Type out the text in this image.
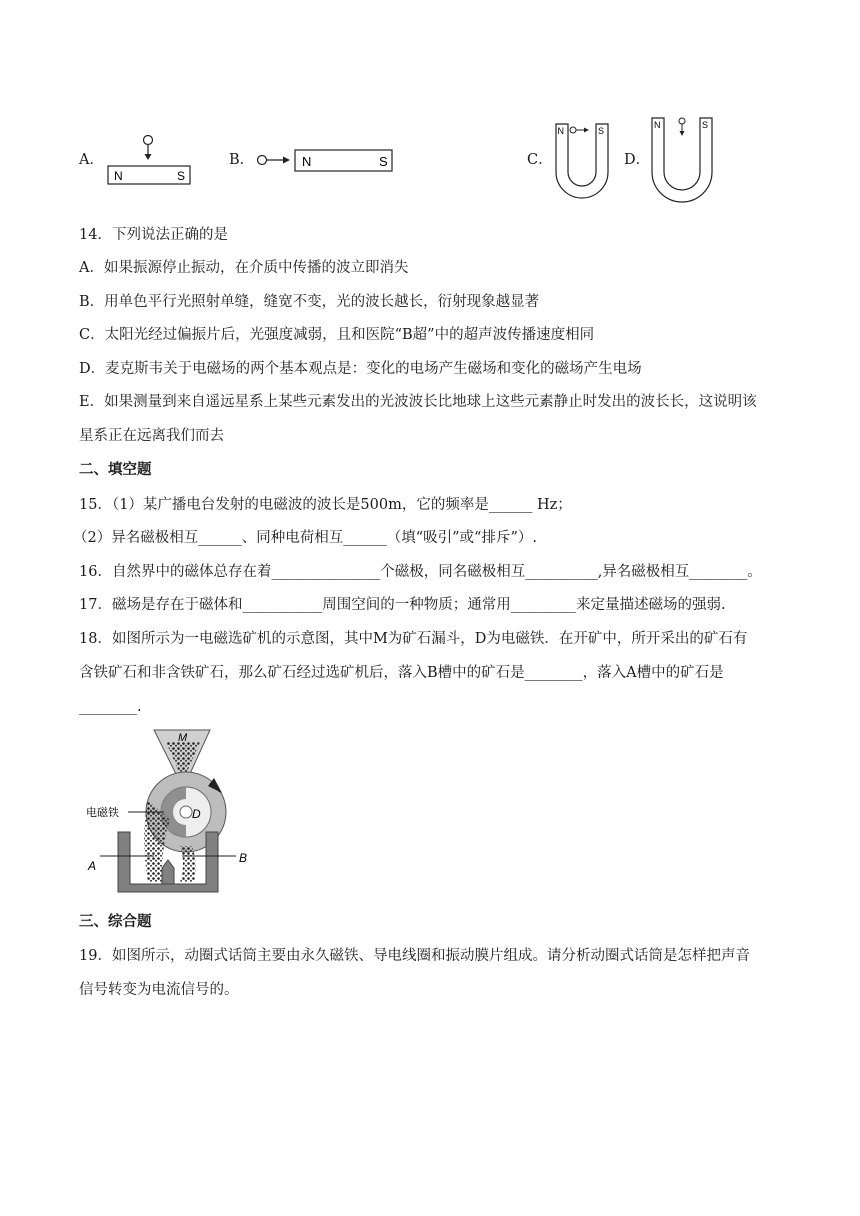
A．
N	S
B．	N	S	C．
N	S
D．
N	S
14．下列说法正确的是
A．如果振源停止振动，在介质中传播的波立即消失
B．用单色平行光照射单缝，缝宽不变，光的波长越长，衍射现象越显著
C．太阳光经过偏振片后，光强度减弱，且和医院“B超”中的超声波传播速度相同
D．麦克斯韦关于电磁场的两个基本观点是：变化的电场产生磁场和变化的磁场产生电场
E．如果测量到来自遥远星系上某些元素发出的光波波长比地球上这些元素静止时发出的波长长，这说明该
星系正在远离我们而去
二、填空题
15．（1）某广播电台发射的电磁波的波长是500m，它的频率是______ Hz；
（2）异名磁极相互______、同种电荷相互______（填“吸引”或“排斥”）.
16．自然界中的磁体总存在着_______________个磁极，同名磁极相互__________,异名磁极相互________。
17．磁场是存在于磁体和___________周围空间的一种物质；通常用_________来定量描述磁场的强弱.
18．如图所示为一电磁选矿机的示意图，其中M为矿石漏斗，D为电磁铁．在开矿中，所开采出的矿石有
含铁矿石和非含铁矿石，那么矿石经过选矿机后，落入B槽中的矿石是________，落入A槽中的矿石是
________.
M
D
电磁铁
A
B
三、综合题
19．如图所示，动圈式话筒主要由永久磁铁、导电线圈和振动膜片组成。请分析动圈式话筒是怎样把声音
信号转变为电流信号的。
